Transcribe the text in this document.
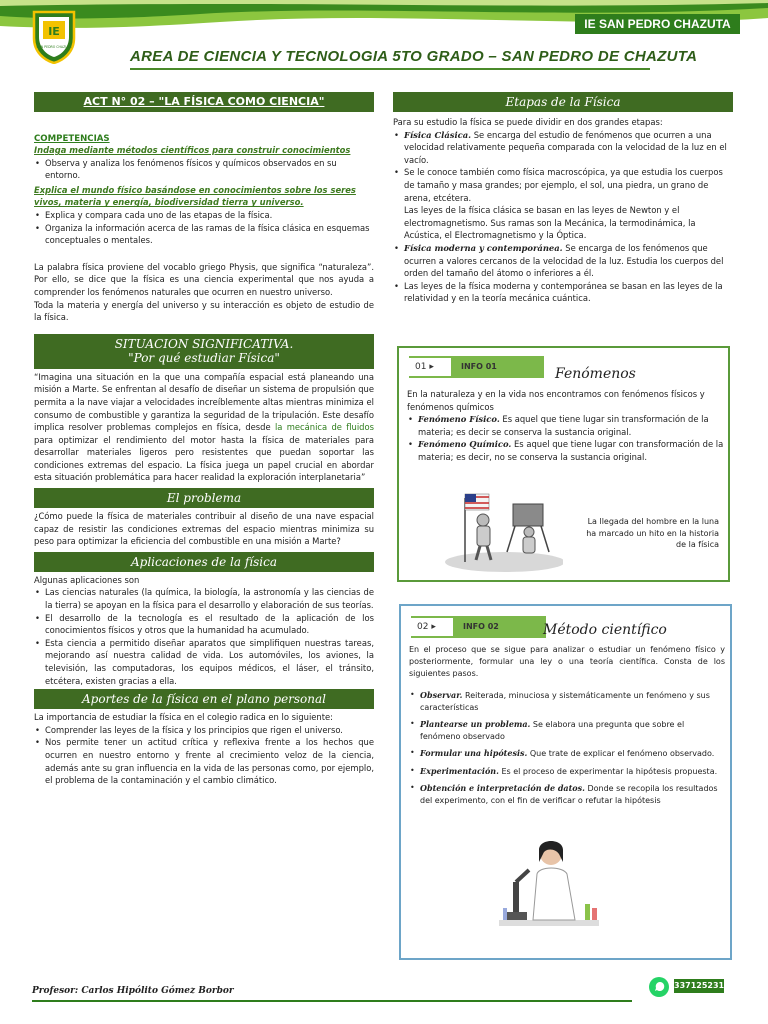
IE
SAN PEDRO CHAZUTA
IE SAN PEDRO CHAZUTA 2024
AREA DE CIENCIA Y TECNOLOGIA 5TO GRADO – SAN PEDRO DE CHAZUTA
ACT N° 02 – "LA FÍSICA COMO CIENCIA"
COMPETENCIAS
Indaga mediante métodos científicos para construir conocimientos
• Observa y analiza los fenómenos físicos y químicos observados en su entorno.
Explica el mundo físico basándose en conocimientos sobre los seres vivos, materia y energía, biodiversidad tierra y universo.
• Explica y compara cada uno de las etapas de la física.
• Organiza la información acerca de las ramas de la física clásica en esquemas conceptuales o mentales.

La palabra física proviene del vocablo griego Physis, que significa “naturaleza”. Por ello, se dice que la física es una ciencia experimental que nos ayuda a comprender los fenómenos naturales que ocurren en nuestro universo.

Toda la materia y energía del universo y su interacción es objeto de estudio de la física.

SITUACION SIGNIFICATIVA.
"Por qué estudiar Física"

“Imagina una situación en la que una compañía espacial está planeando una misión a Marte. Se enfrentan al desafío de diseñar un sistema de propulsión que permita a la nave viajar a velocidades increíblemente altas mientras minimiza el consumo de combustible y garantiza la seguridad de la tripulación. Este desafío implica resolver problemas complejos en física, desde la mecánica de fluidos para optimizar el rendimiento del motor hasta la física de materiales para desarrollar materiales ligeros pero resistentes que puedan soportar las condiciones extremas del espacio. La física juega un papel crucial en abordar esta situación problemática para hacer realidad la exploración interplanetaria”

El problema

¿Cómo puede la física de materiales contribuir al diseño de una nave espacial capaz de resistir las condiciones extremas del espacio mientras minimiza su peso para optimizar la eficiencia del combustible en una misión a Marte?

Aplicaciones de la física

Algunas aplicaciones son

• Las ciencias naturales (la química, la biología, la astronomía y las ciencias de la tierra) se apoyan en la física para el desarrollo y elaboración de sus teorías.
• El desarrollo de la tecnología es el resultado de la aplicación de los conocimientos físicos y otros que la humanidad ha acumulado.
• Esta ciencia a permitido diseñar aparatos que simplifiquen nuestras tareas, mejorando así nuestra calidad de vida. Los automóviles, los aviones, la televisión, las computadoras, los equipos médicos, el láser, el tránsito, etcétera, existen gracias a ella.
Aportes de la física en el plano personal

La importancia de estudiar la física en el colegio radica en lo siguiente:

• Comprender las leyes de la física y los principios que rigen el universo.
• Nos permite tener un actitud crítica y reflexiva frente a los hechos que ocurren en nuestro entorno y frente al crecimiento veloz de la ciencia, además ante su gran influencia en la vida de las personas como, por ejemplo, el problema de la contaminación y el cambio climático.
Etapas de la Física

Para su estudio la física se puede dividir en dos grandes etapas:

• Física Clásica. Se encarga del estudio de fenómenos que ocurren a una velocidad relativamente pequeña comparada con la velocidad de la luz en el vacío.
• Se le conoce también como física macroscópica, ya que estudia los cuerpos de tamaño y masa grandes; por ejemplo, el sol, una piedra, un grano de arena, etcétera.
Las leyes de la física clásica se basan en las leyes de Newton y el electromagnetismo. Sus ramas son la Mecánica, la termodinámica, la Acústica, el Electromagnetismo y la Óptica.
• Física moderna y contemporánea. Se encarga de los fenómenos que ocurren a valores cercanos de la velocidad de la luz. Estudia los cuerpos del orden del tamaño del átomo o inferiores a él.
• Las leyes de la física moderna y contemporánea se basan en las leyes de la relatividad y en la teoría mecánica cuántica.
01 ▸	INFO 01	Fenómenos

En la naturaleza y en la vida nos encontramos con fenómenos físicos y fenómenos químicos

• Fenómeno Físico. Es aquel que tiene lugar sin transformación de la materia; es decir se conserva la sustancia original.
• Fenómeno Químico. Es aquel que tiene lugar con transformación de la materia; es decir, no se conserva la sustancia original.
La llegada del hombre en la luna ha marcado un hito en la historia de la física
02 ▸	INFO 02	Método científico

En el proceso que se sigue para analizar o estudiar un fenómeno físico y posteriormente, formular una ley o una teoría científica. Consta de los siguientes pasos.

• Observar. Reiterada, minuciosa y sistemáticamente un fenómeno y sus características
• Plantearse un problema. Se elabora una pregunta que sobre el fenómeno observado
• Formular una hipótesis. Que trate de explicar el fenómeno observado.
• Experimentación. Es el proceso de experimentar la hipótesis propuesta.
• Obtención e interpretación de datos. Donde se recopila los resultados del experimento, con el fin de verificar o refutar la hipótesis
Profesor: Carlos Hipólito Gómez Borbor
337125231
